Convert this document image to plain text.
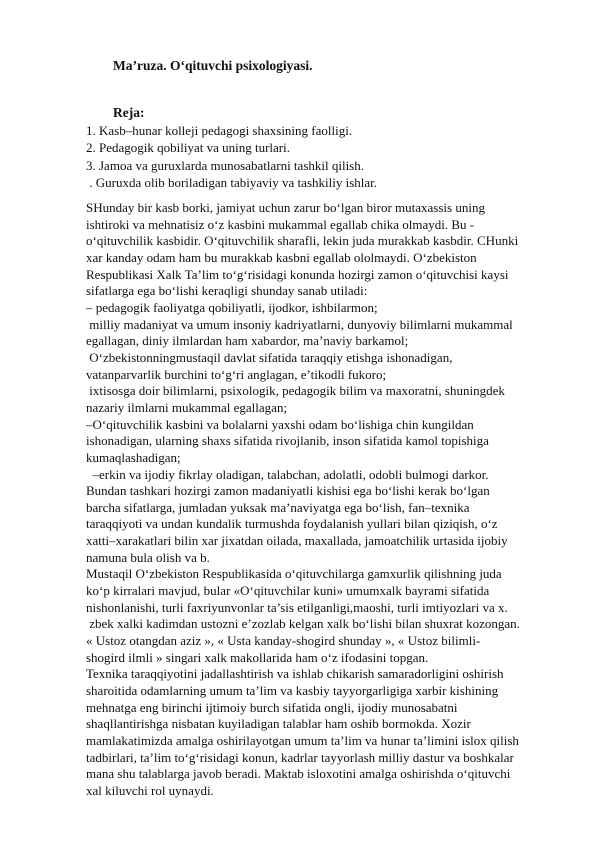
Ma’ruza. O‘qituvchi psixologiyasi.
Reja:
1. Kasb–hunar kolleji pedagogi shaxsining faolligi.
2. Pedagogik qobiliyat va uning turlari.
3. Jamoa va guruxlarda munosabatlarni tashkil qilish.
. Guruxda olib boriladigan tabiyaviy va tashkiliy ishlar.
SHunday bir kasb borki, jamiyat uchun zarur bo‘lgan biror mutaxassis uning
ishtiroki va mehnatisiz o‘z kasbini mukammal egallab chika olmaydi. Bu -
o‘qituvchilik kasbidir. O‘qituvchilik sharafli, lekin juda murakkab kasbdir. CHunki
xar kanday odam ham bu murakkab kasbni egallab ololmaydi. O‘zbekiston
Respublikasi Xalk Ta’lim to‘g‘risidagi konunda hozirgi zamon o‘qituvchisi kaysi
sifatlarga ega bo‘lishi keraqligi shunday sanab utiladi:
– pedagogik faoliyatga qobiliyatli, ijodkor, ishbilarmon;
milliy madaniyat va umum insoniy kadriyatlarni, dunyoviy bilimlarni mukammal
egallagan, diniy ilmlardan ham xabardor, ma’naviy barkamol;
O‘zbekistonningmustaqil davlat sifatida taraqqiy etishga ishonadigan,
vatanparvarlik burchini to‘g‘ri anglagan, e’tikodli fukoro;
ixtisosga doir bilimlarni, psixologik, pedagogik bilim va maxoratni, shuningdek
nazariy ilmlarni mukammal egallagan;
–O‘qituvchilik kasbini va bolalarni yaxshi odam bo‘lishiga chin kungildan
ishonadigan, ularning shaxs sifatida rivojlanib, inson sifatida kamol topishiga
kumaqlashadigan;
–erkin va ijodiy fikrlay oladigan, talabchan, adolatli, odobli bulmogi darkor.
Bundan tashkari hozirgi zamon madaniyatli kishisi ega bo‘lishi kerak bo‘lgan
barcha sifatlarga, jumladan yuksak ma’naviyatga ega bo‘lish, fan–texnika
taraqqiyoti va undan kundalik turmushda foydalanish yullari bilan qiziqish, o‘z
xatti–xarakatlari bilin xar jixatdan oilada, maxallada, jamoatchilik urtasida ijobiy
namuna bula olish va b.
Mustaqil O‘zbekiston Respublikasida o‘qituvchilarga gamxurlik qilishning juda
ko‘p kirralari mavjud, bular «O‘qituvchilar kuni» umumxalk bayrami sifatida
nishonlanishi, turli faxriyunvonlar ta’sis etilganligi,maoshi, turli imtiyozlari va x.
zbek xalki kadimdan ustozni e’zozlab kelgan xalk bo‘lishi bilan shuxrat kozongan.
« Ustoz otangdan aziz », « Usta kanday-shogird shunday », « Ustoz bilimli-
shogird ilmli » singari xalk makollarida ham o‘z ifodasini topgan.
Texnika taraqqiyotini jadallashtirish va ishlab chikarish samaradorligini oshirish
sharoitida odamlarning umum ta’lim va kasbiy tayyorgarligiga xarbir kishining
mehnatga eng birinchi ijtimoiy burch sifatida ongli, ijodiy munosabatni
shaqllantirishga nisbatan kuyiladigan talablar ham oshib bormokda. Xozir
mamlakatimizda amalga oshirilayotgan umum ta’lim va hunar ta’limini islox qilish
tadbirlari, ta’lim to‘g‘risidagi konun, kadrlar tayyorlash milliy dastur va boshkalar
mana shu talablarga javob beradi. Maktab isloxotini amalga oshirishda o‘qituvchi
xal kiluvchi rol uynaydi.
